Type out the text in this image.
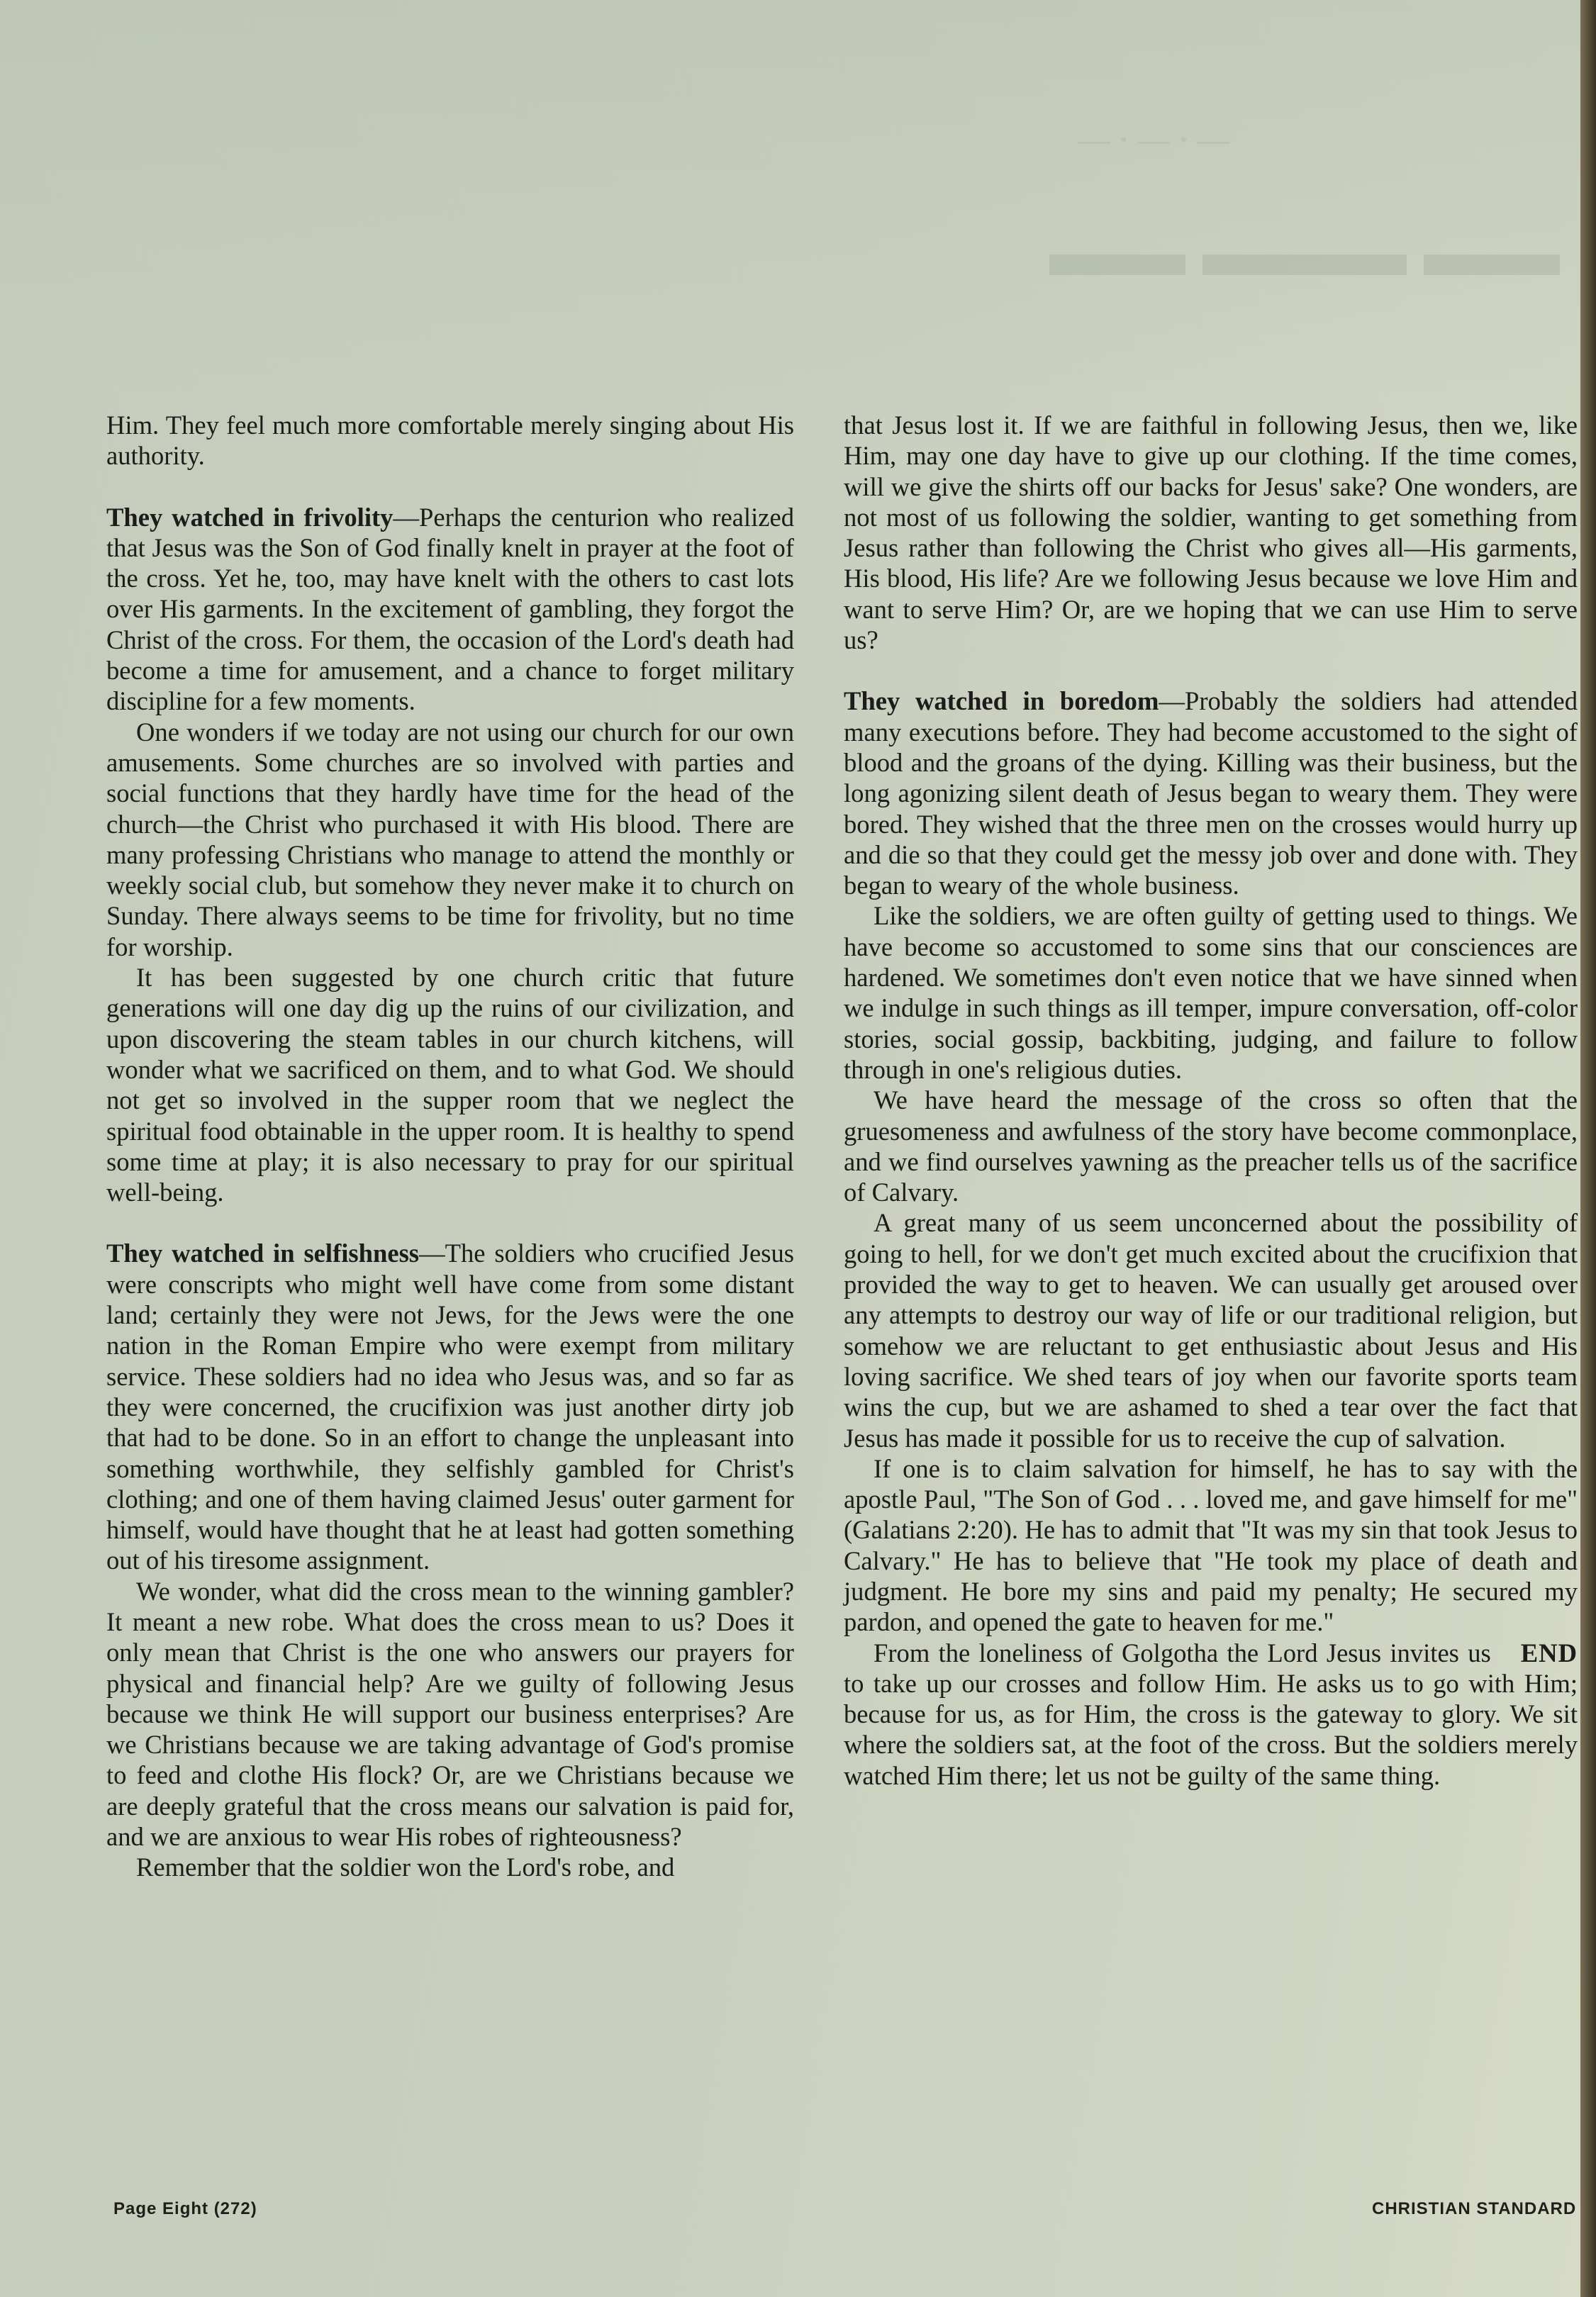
— · — · —
▬▬ ▬▬▬ ▬▬

Him. They feel much more comfortable merely singing about His authority.

They watched in frivolity—Perhaps the centurion who realized that Jesus was the Son of God finally knelt in prayer at the foot of the cross. Yet he, too, may have knelt with the others to cast lots over His garments. In the excitement of gambling, they forgot the Christ of the cross. For them, the occasion of the Lord's death had become a time for amusement, and a chance to forget military discipline for a few moments.

One wonders if we today are not using our church for our own amusements. Some churches are so involved with parties and social functions that they hardly have time for the head of the church—the Christ who purchased it with His blood. There are many professing Christians who manage to attend the monthly or weekly social club, but somehow they never make it to church on Sunday. There always seems to be time for frivolity, but no time for worship.

It has been suggested by one church critic that future generations will one day dig up the ruins of our civilization, and upon discovering the steam tables in our church kitchens, will wonder what we sacrificed on them, and to what God. We should not get so involved in the supper room that we neglect the spiritual food obtainable in the upper room. It is healthy to spend some time at play; it is also necessary to pray for our spiritual well-being.

They watched in selfishness—The soldiers who crucified Jesus were conscripts who might well have come from some distant land; certainly they were not Jews, for the Jews were the one nation in the Roman Empire who were exempt from military service. These soldiers had no idea who Jesus was, and so far as they were concerned, the crucifixion was just another dirty job that had to be done. So in an effort to change the unpleasant into something worthwhile, they selfishly gambled for Christ's clothing; and one of them having claimed Jesus' outer garment for himself, would have thought that he at least had gotten something out of his tiresome assignment.

We wonder, what did the cross mean to the winning gambler? It meant a new robe. What does the cross mean to us? Does it only mean that Christ is the one who answers our prayers for physical and financial help? Are we guilty of following Jesus because we think He will support our business enterprises? Are we Christians because we are taking advantage of God's promise to feed and clothe His flock? Or, are we Christians because we are deeply grateful that the cross means our salvation is paid for, and we are anxious to wear His robes of righteousness?

Remember that the soldier won the Lord's robe, and

that Jesus lost it. If we are faithful in following Jesus, then we, like Him, may one day have to give up our clothing. If the time comes, will we give the shirts off our backs for Jesus' sake? One wonders, are not most of us following the soldier, wanting to get something from Jesus rather than following the Christ who gives all—His garments, His blood, His life? Are we following Jesus because we love Him and want to serve Him? Or, are we hoping that we can use Him to serve us?

They watched in boredom—Probably the soldiers had attended many executions before. They had become accustomed to the sight of blood and the groans of the dying. Killing was their business, but the long agonizing silent death of Jesus began to weary them. They were bored. They wished that the three men on the crosses would hurry up and die so that they could get the messy job over and done with. They began to weary of the whole business.

Like the soldiers, we are often guilty of getting used to things. We have become so accustomed to some sins that our consciences are hardened. We sometimes don't even notice that we have sinned when we indulge in such things as ill temper, impure conversation, off-color stories, social gossip, backbiting, judging, and failure to follow through in one's religious duties.

We have heard the message of the cross so often that the gruesomeness and awfulness of the story have become commonplace, and we find ourselves yawning as the preacher tells us of the sacrifice of Calvary.

A great many of us seem unconcerned about the possibility of going to hell, for we don't get much excited about the crucifixion that provided the way to get to heaven. We can usually get aroused over any attempts to destroy our way of life or our traditional religion, but somehow we are reluctant to get enthusiastic about Jesus and His loving sacrifice. We shed tears of joy when our favorite sports team wins the cup, but we are ashamed to shed a tear over the fact that Jesus has made it possible for us to receive the cup of salvation.

If one is to claim salvation for himself, he has to say with the apostle Paul, "The Son of God . . . loved me, and gave himself for me" (Galatians 2:20). He has to admit that "It was my sin that took Jesus to Calvary." He has to believe that "He took my place of death and judgment. He bore my sins and paid my penalty; He secured my pardon, and opened the gate to heaven for me."

END
From the loneliness of Golgotha the Lord Jesus invites us to take up our crosses and follow Him. He asks us to go with Him; because for us, as for Him, the cross is the gateway to glory. We sit where the soldiers sat, at the foot of the cross. But the soldiers merely watched Him there; let us not be guilty of the same thing.

Page Eight (272)	CHRISTIAN STANDARD
